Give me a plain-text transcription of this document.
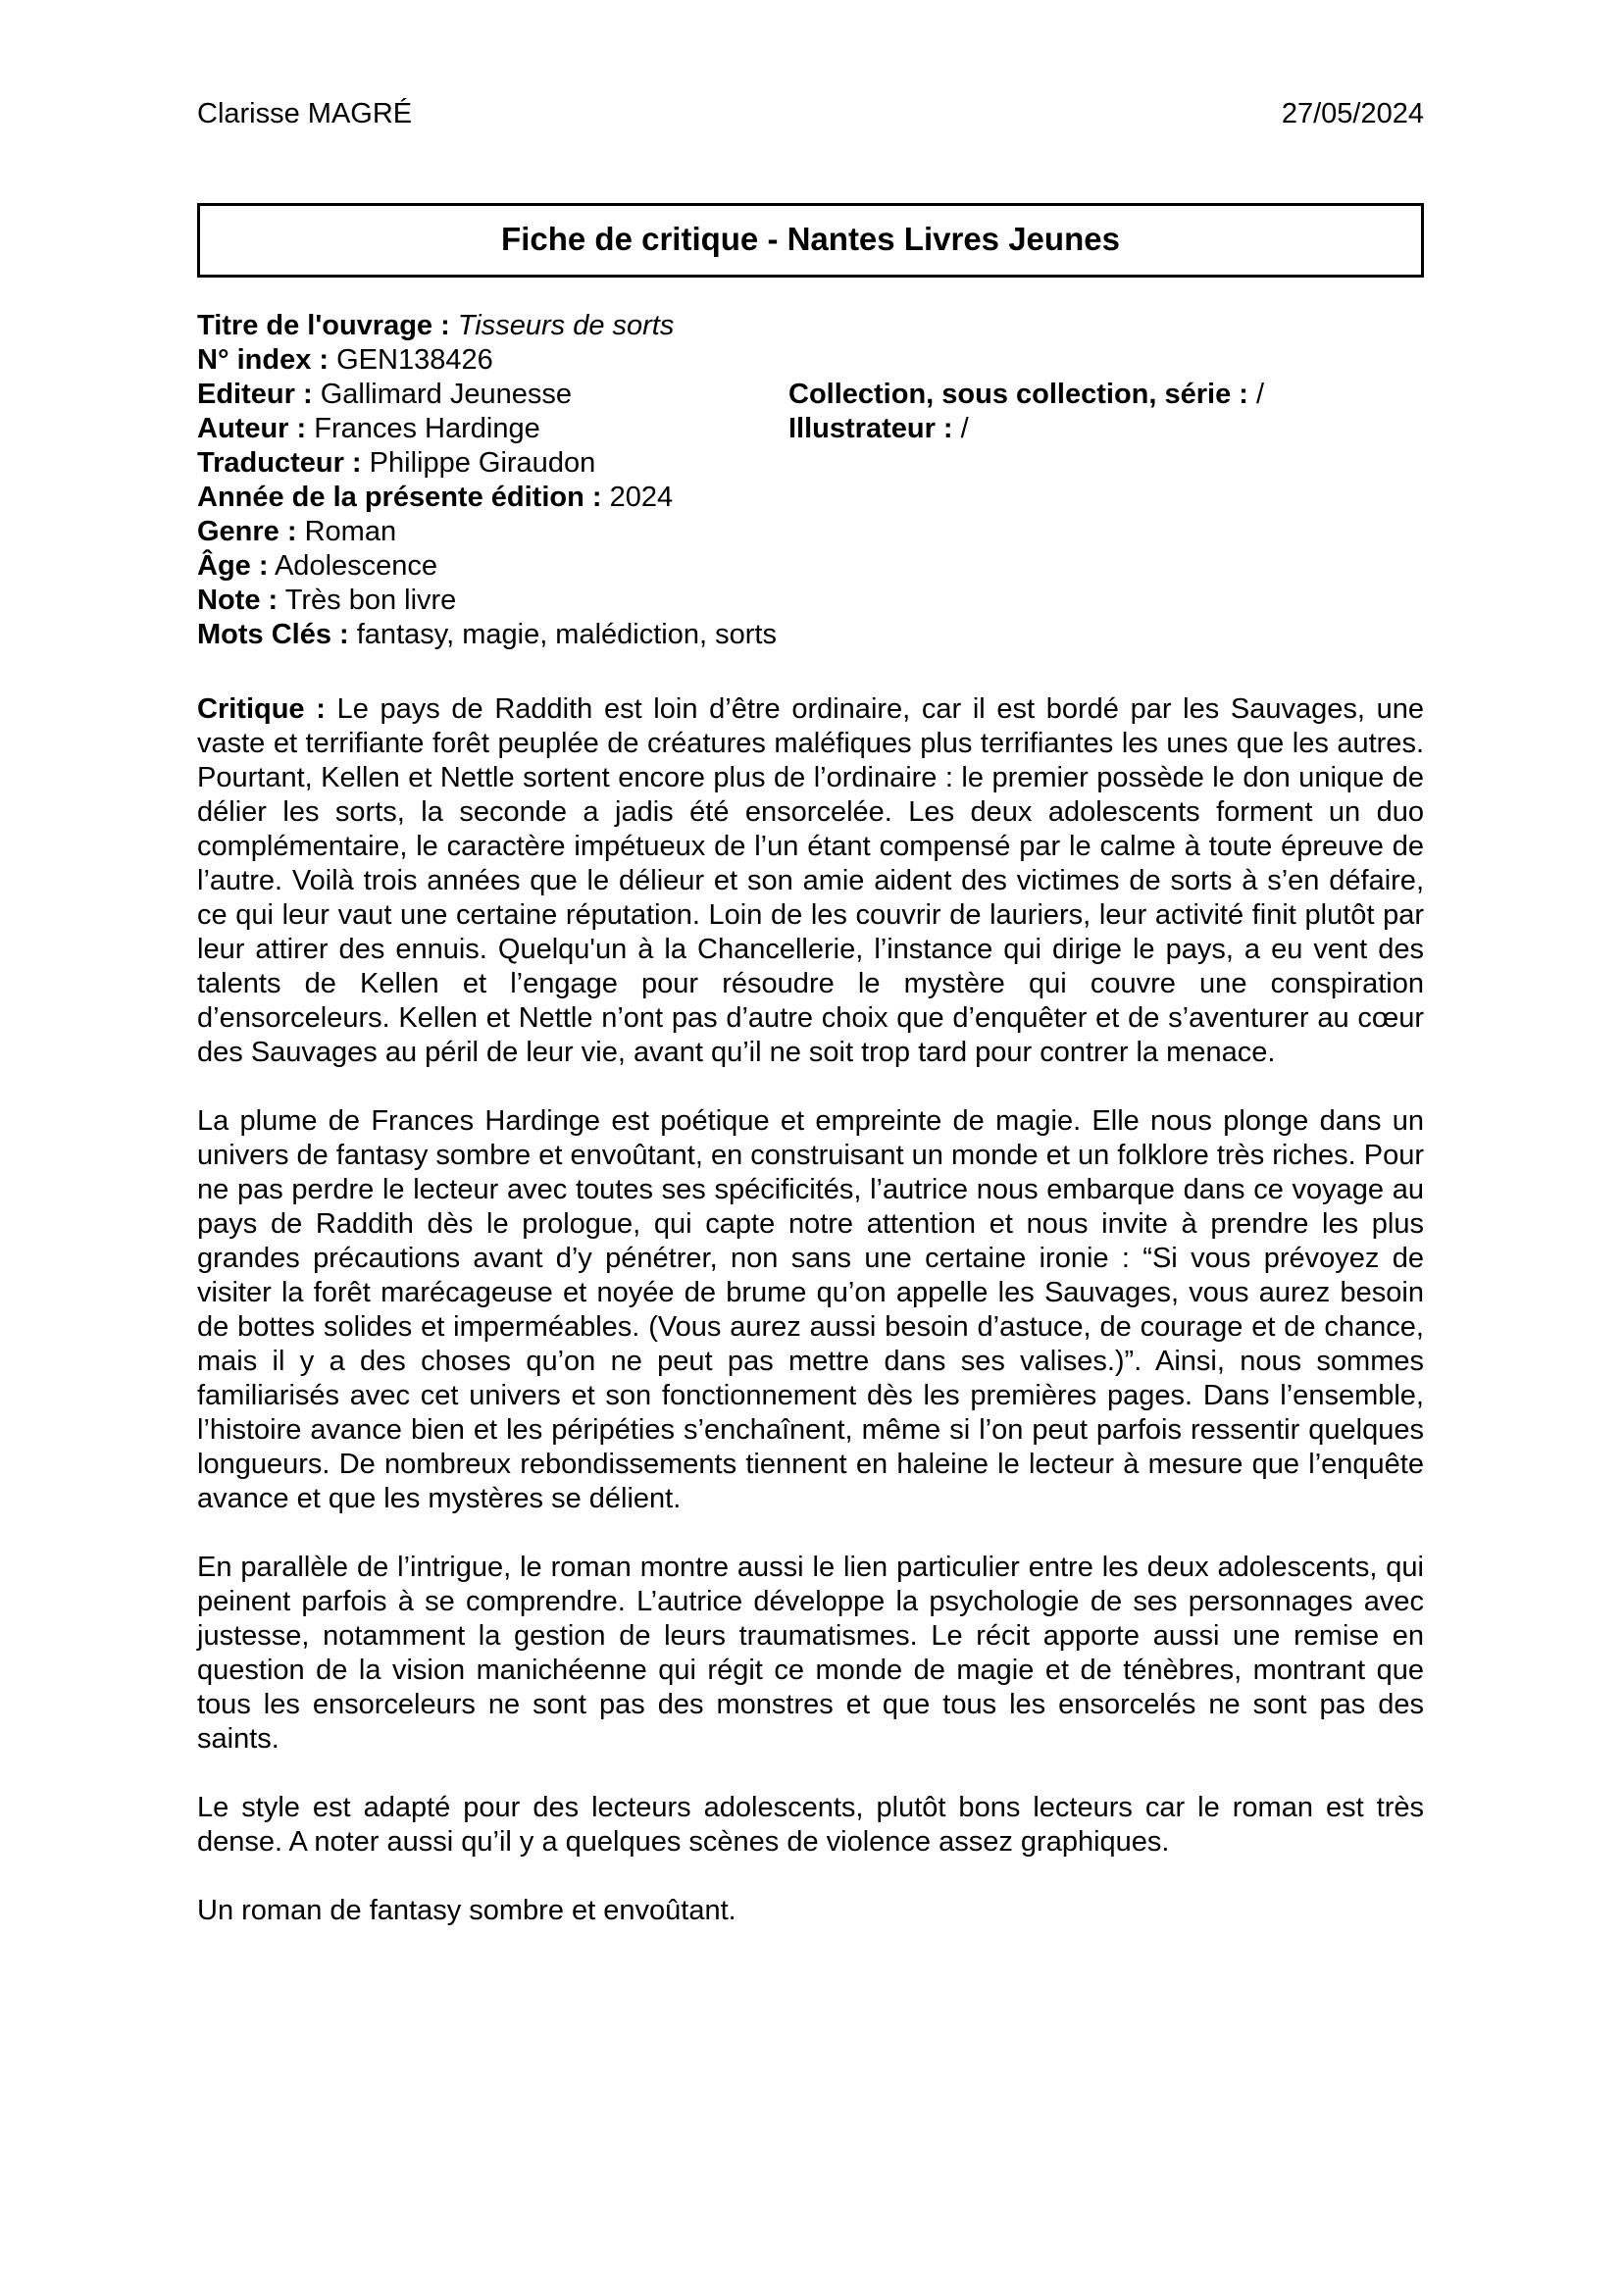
Clarisse MAGRÉ	27/05/2024
Fiche de critique - Nantes Livres Jeunes
Titre de l'ouvrage : Tisseurs de sorts
N° index : GEN138426
Editeur : Gallimard Jeunesse	Collection, sous collection, série : /
Auteur : Frances Hardinge	Illustrateur : /
Traducteur : Philippe Giraudon
Année de la présente édition : 2024
Genre : Roman
Âge : Adolescence
Note : Très bon livre
Mots Clés : fantasy, magie, malédiction, sorts

Critique : Le pays de Raddith est loin d’être ordinaire, car il est bordé par les Sauvages, une vaste et terrifiante forêt peuplée de créatures maléfiques plus terrifiantes les unes que les autres. Pourtant, Kellen et Nettle sortent encore plus de l’ordinaire : le premier possède le don unique de délier les sorts, la seconde a jadis été ensorcelée. Les deux adolescents forment un duo complémentaire, le caractère impétueux de l’un étant compensé par le calme à toute épreuve de l’autre. Voilà trois années que le délieur et son amie aident des victimes de sorts à s’en défaire, ce qui leur vaut une certaine réputation. Loin de les couvrir de lauriers, leur activité finit plutôt par leur attirer des ennuis. Quelqu'un à la Chancellerie, l’instance qui dirige le pays, a eu vent des talents de Kellen et l’engage pour résoudre le mystère qui couvre une conspiration d’ensorceleurs. Kellen et Nettle n’ont pas d’autre choix que d’enquêter et de s’aventurer au cœur des Sauvages au péril de leur vie, avant qu’il ne soit trop tard pour contrer la menace.

La plume de Frances Hardinge est poétique et empreinte de magie. Elle nous plonge dans un univers de fantasy sombre et envoûtant, en construisant un monde et un folklore très riches. Pour ne pas perdre le lecteur avec toutes ses spécificités, l’autrice nous embarque dans ce voyage au pays de Raddith dès le prologue, qui capte notre attention et nous invite à prendre les plus grandes précautions avant d’y pénétrer, non sans une certaine ironie : “Si vous prévoyez de visiter la forêt marécageuse et noyée de brume qu’on appelle les Sauvages, vous aurez besoin de bottes solides et imperméables. (Vous aurez aussi besoin d’astuce, de courage et de chance, mais il y a des choses qu’on ne peut pas mettre dans ses valises.)”. Ainsi, nous sommes familiarisés avec cet univers et son fonctionnement dès les premières pages. Dans l’ensemble, l’histoire avance bien et les péripéties s’enchaînent, même si l’on peut parfois ressentir quelques longueurs. De nombreux rebondissements tiennent en haleine le lecteur à mesure que l’enquête avance et que les mystères se délient.

En parallèle de l’intrigue, le roman montre aussi le lien particulier entre les deux adolescents, qui peinent parfois à se comprendre. L’autrice développe la psychologie de ses personnages avec justesse, notamment la gestion de leurs traumatismes. Le récit apporte aussi une remise en question de la vision manichéenne qui régit ce monde de magie et de ténèbres, montrant que tous les ensorceleurs ne sont pas des monstres et que tous les ensorcelés ne sont pas des saints.

Le style est adapté pour des lecteurs adolescents, plutôt bons lecteurs car le roman est très dense. A noter aussi qu’il y a quelques scènes de violence assez graphiques.

Un roman de fantasy sombre et envoûtant.
